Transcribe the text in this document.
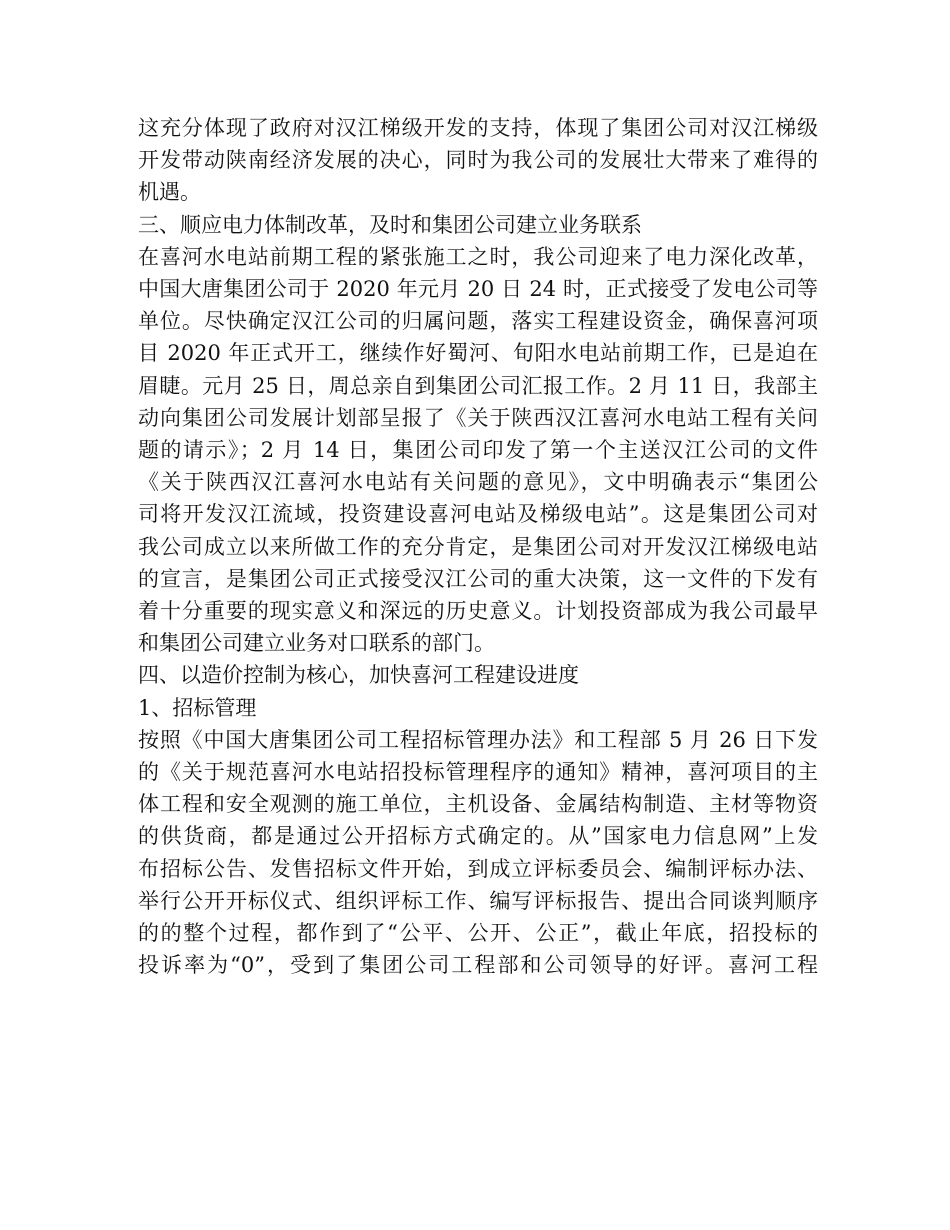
这充分体现了政府对汉江梯级开发的支持，体现了集团公司对汉江梯级
开发带动陕南经济发展的决心，同时为我公司的发展壮大带来了难得的
机遇。
三、顺应电力体制改革，及时和集团公司建立业务联系
在喜河水电站前期工程的紧张施工之时，我公司迎来了电力深化改革，
中国大唐集团公司于 2020 年元月 20 日 24 时，正式接受了发电公司等
单位。尽快确定汉江公司的归属问题，落实工程建设资金，确保喜河项
目 2020 年正式开工，继续作好蜀河、旬阳水电站前期工作，已是迫在
眉睫。元月 25 日，周总亲自到集团公司汇报工作。2 月 11 日，我部主
动向集团公司发展计划部呈报了《关于陕西汉江喜河水电站工程有关问
题的请示》；2 月 14 日，集团公司印发了第一个主送汉江公司的文件
《关于陕西汉江喜河水电站有关问题的意见》，文中明确表示“集团公
司将开发汉江流域，投资建设喜河电站及梯级电站”。这是集团公司对
我公司成立以来所做工作的充分肯定，是集团公司对开发汉江梯级电站
的宣言，是集团公司正式接受汉江公司的重大决策，这一文件的下发有
着十分重要的现实意义和深远的历史意义。计划投资部成为我公司最早
和集团公司建立业务对口联系的部门。
四、以造价控制为核心，加快喜河工程建设进度
1、招标管理
按照《中国大唐集团公司工程招标管理办法》和工程部 5 月 26 日下发
的《关于规范喜河水电站招投标管理程序的通知》精神，喜河项目的主
体工程和安全观测的施工单位，主机设备、金属结构制造、主材等物资
的供货商，都是通过公开招标方式确定的。从”国家电力信息网”上发
布招标公告、发售招标文件开始，到成立评标委员会、编制评标办法、
举行公开开标仪式、组织评标工作、编写评标报告、提出合同谈判顺序
的的整个过程，都作到了“公平、公开、公正”，截止年底，招投标的
投诉率为“0”，受到了集团公司工程部和公司领导的好评。喜河工程
